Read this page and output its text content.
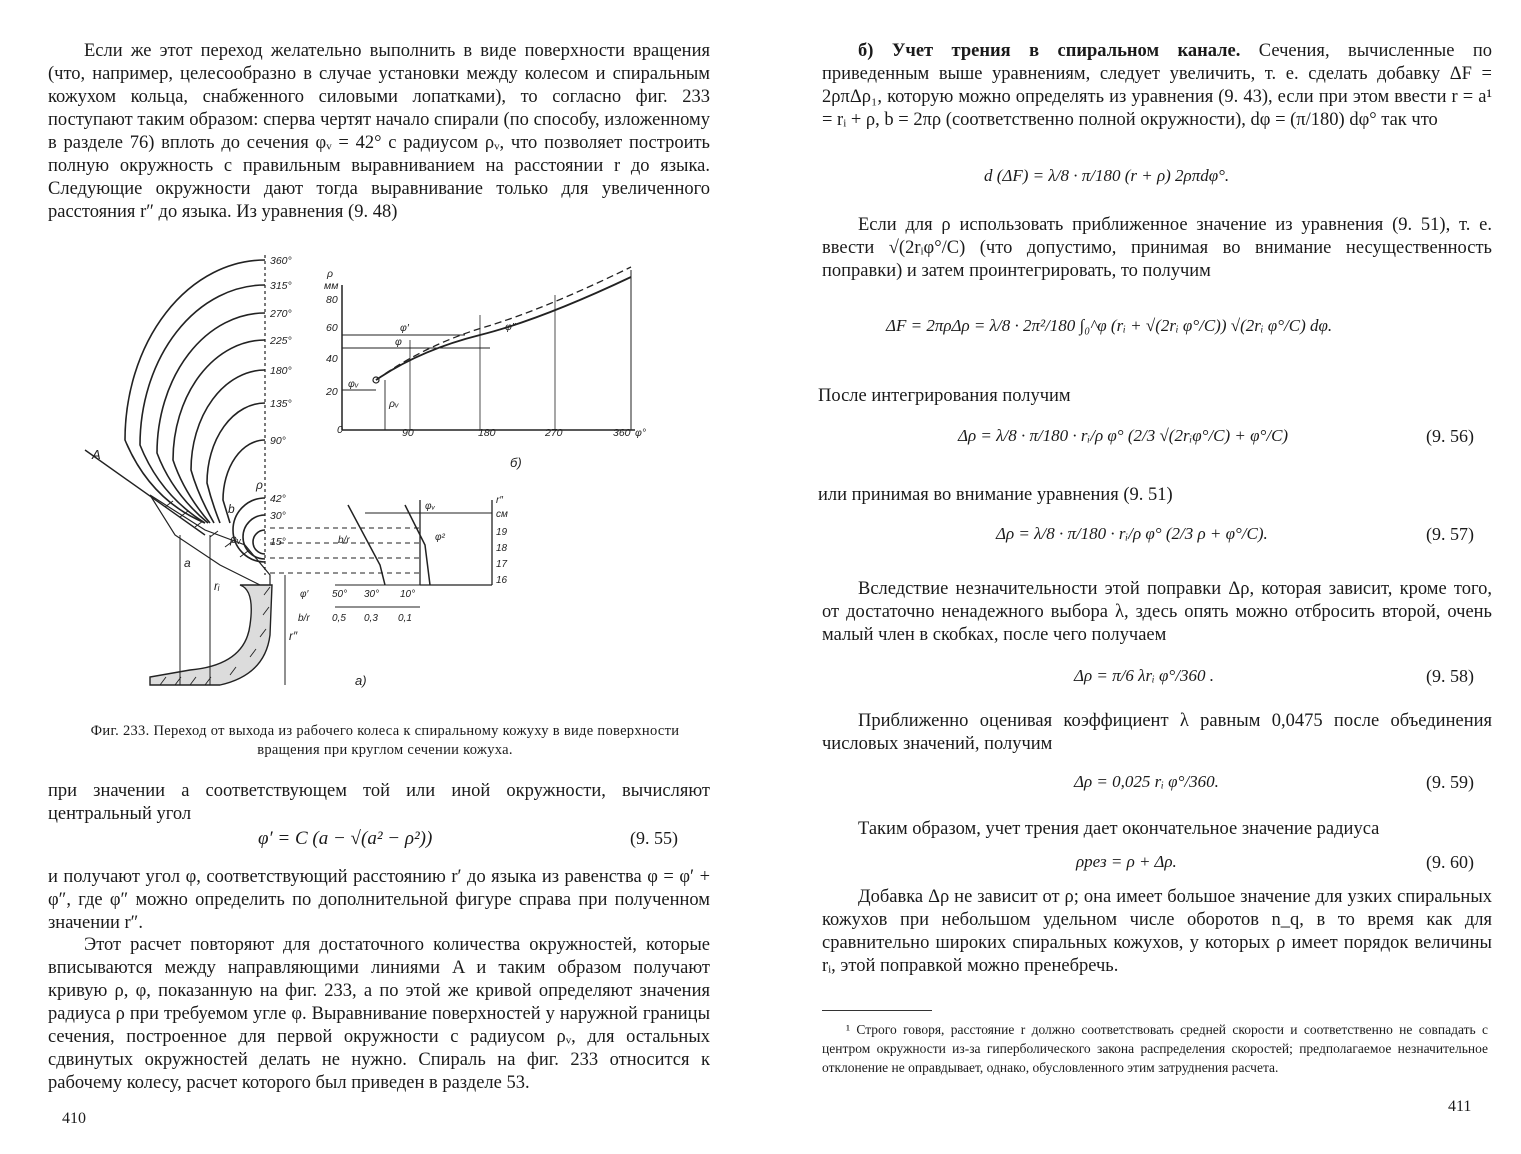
Если же этот переход желательно выполнить в виде поверхности вращения (что, например, целесообразно в случае установки между колесом и спиральным кожухом кольца, снабженного силовыми лопатками), то согласно фиг. 233 поступают таким образом: сперва чертят начало спирали (по способу, изложенному в разделе 76) вплоть до сечения φᵥ = 42° с радиусом ρᵥ, что позволяет построить полную окружность с правильным выравниванием на расстоянии r до языка. Следующие окружности дают тогда выравнивание только для увеличенного расстояния r″ до языка. Из уравнения (9. 48)

360°
315°
270°
225°
180°
135°
90°
42°
30°
15°
A
a
rᵢ
r″
b
ρ
ρᵥ
а)
ρ
мм
80
60
40
20
0	90	180	270	360 φ°
φ′
φ
φ″
φᵥ
ρᵥ
б)
r″
см
19
18
17
16
φ′ 50° 30° 10°
b/r 0,5 0,3 0,1
φᵥ
φ²
b/r
Фиг. 233. Переход от выхода из рабочего колеса к спиральному кожуху в виде поверхности вращения при круглом сечении кожуха.

при значении a соответствующем той или иной окружности, вычисляют центральный угол

φ′ = C (a − √(a² − ρ²))	(9. 55)

и получают угол φ, соответствующий расстоянию r′ до языка из равенства φ = φ′ + φ″, где φ″ можно определить по дополнительной фигуре справа при полученном значении r″.

Этот расчет повторяют для достаточного количества окружностей, которые вписываются между направляющими линиями A и таким образом получают кривую ρ, φ, показанную на фиг. 233, a по этой же кривой определяют значения радиуса ρ при требуемом угле φ. Выравнивание поверхностей у наружной границы сечения, построенное для первой окружности с радиусом ρᵥ, для остальных сдвинутых окружностей делать не нужно. Спираль на фиг. 233 относится к рабочему колесу, расчет которого был приведен в разделе 53.

410

б) Учет трения в спиральном канале. Сечения, вычисленные по приведенным выше уравнениям, следует увеличить, т. е. сделать добавку ΔF = 2ρπΔρ₁, которую можно определять из уравнения (9. 43), если при этом ввести r = a¹ = rᵢ + ρ, b = 2πρ (соответственно полной окружности), dφ = (π/180) dφ° так что

d (ΔF) = λ/8 · π/180 (r + ρ) 2ρπdφ°.

Если для ρ использовать приближенное значение из уравнения (9. 51), т. е. ввести √(2rᵢφ°/C) (что допустимо, принимая во внимание несущественность поправки) и затем проинтегрировать, то получим

ΔF = 2πρΔρ = λ/8 · 2π²/180 ∫₀^φ (rᵢ + √(2rᵢ φ°/C)) √(2rᵢ φ°/C) dφ.

После интегрирования получим

Δρ = λ/8 · π/180 · rᵢ/ρ φ° (2/3 √(2rᵢφ°/C) + φ°/C)	(9. 56)

или принимая во внимание уравнения (9. 51)

Δρ = λ/8 · π/180 · rᵢ/ρ φ° (2/3 ρ + φ°/C).	(9. 57)

Вследствие незначительности этой поправки Δρ, которая зависит, кроме того, от достаточно ненадежного выбора λ, здесь опять можно отбросить второй, очень малый член в скобках, после чего получаем

Δρ = π/6 λrᵢ φ°/360 .	(9. 58)

Приближенно оценивая коэффициент λ равным 0,0475 после объединения числовых значений, получим

Δρ = 0,025 rᵢ φ°/360.	(9. 59)

Таким образом, учет трения дает окончательное значение радиуса

ρрез = ρ + Δρ.	(9. 60)

Добавка Δρ не зависит от ρ; она имеет большое значение для узких спиральных кожухов при небольшом удельном числе оборотов n_q, в то время как для сравнительно широких спиральных кожухов, у которых ρ имеет порядок величины rᵢ, этой поправкой можно пренебречь.

¹ Строго говоря, расстояние r должно соответствовать средней скорости и соответственно не совпадать с центром окружности из-за гиперболического закона распределения скоростей; предполагаемое незначительное отклонение не оправдывает, однако, обусловленного этим затруднения расчета.
411
